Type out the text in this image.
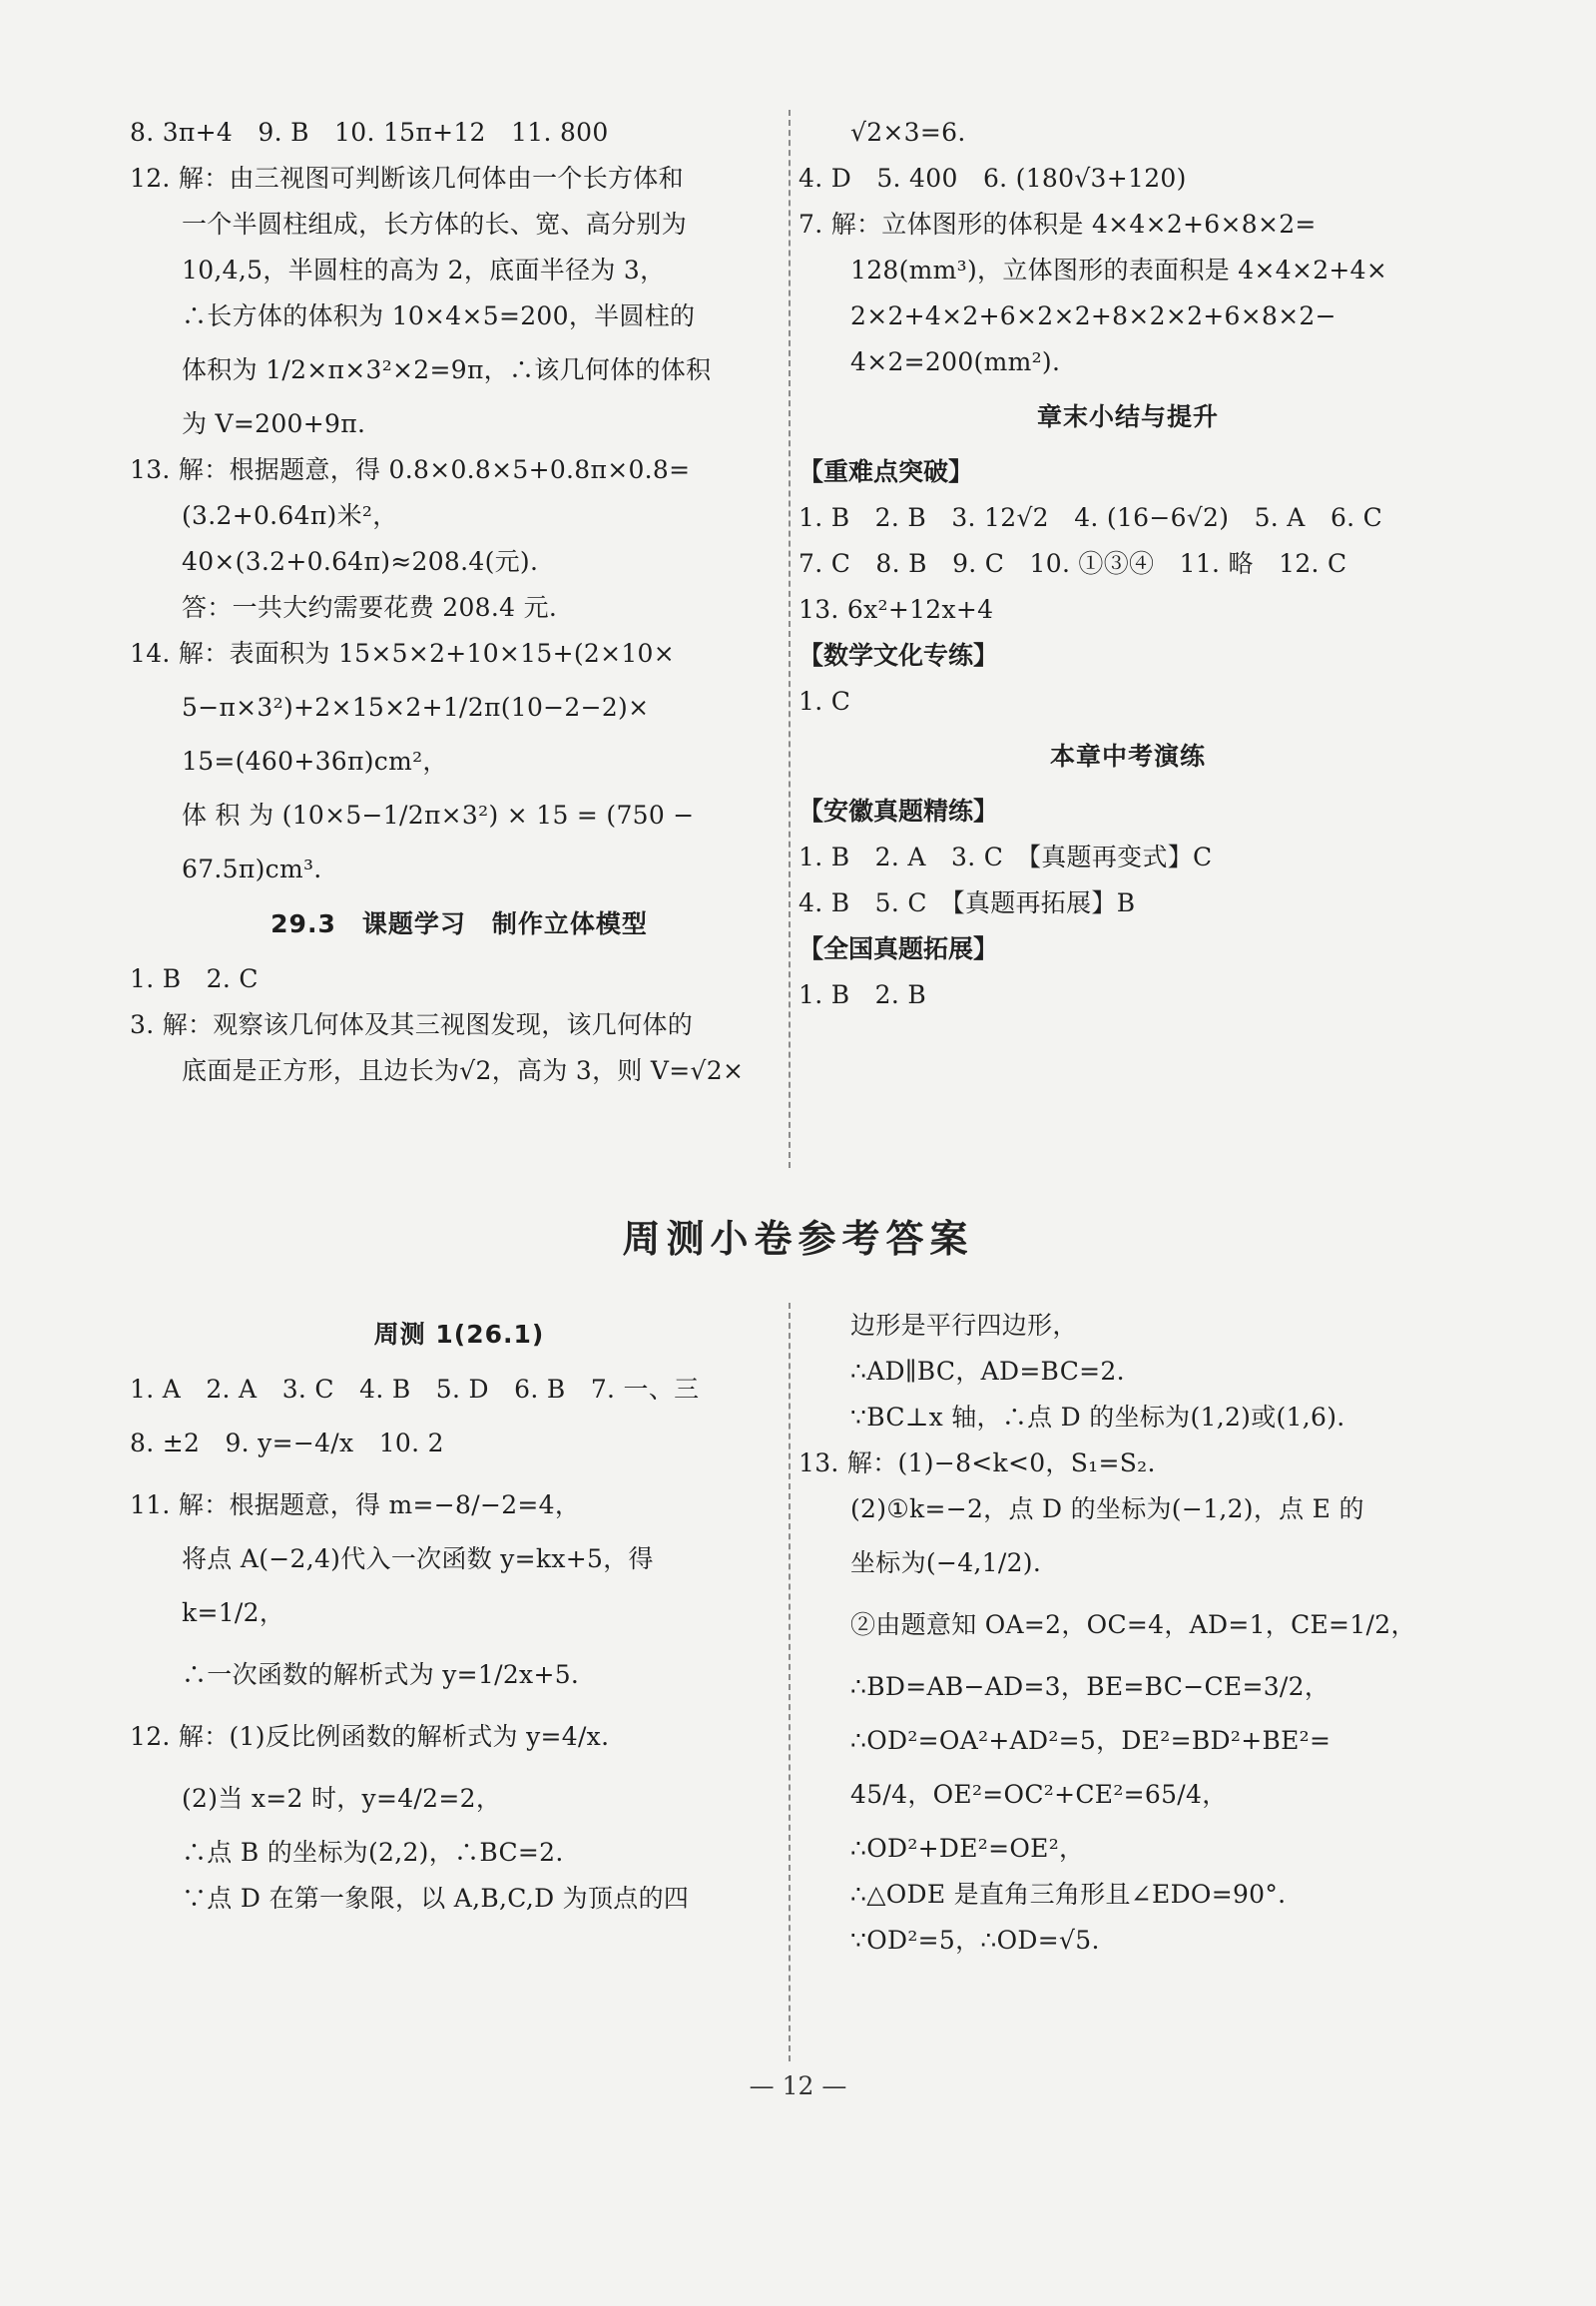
8. 3π+4　9. B　10. 15π+12　11. 800
12. 解：由三视图可判断该几何体由一个长方体和
一个半圆柱组成，长方体的长、宽、高分别为
10,4,5，半圆柱的高为 2，底面半径为 3，
∴长方体的体积为 10×4×5=200，半圆柱的
体积为 1/2×π×3²×2=9π，∴该几何体的体积
为 V=200+9π.
13. 解：根据题意，得 0.8×0.8×5+0.8π×0.8=
(3.2+0.64π)米²，
40×(3.2+0.64π)≈208.4(元).
答：一共大约需要花费 208.4 元.
14. 解：表面积为 15×5×2+10×15+(2×10×
5−π×3²)+2×15×2+1/2π(10−2−2)×
15=(460+36π)cm²，
体 积 为 (10×5−1/2π×3²) × 15 = (750 −
67.5π)cm³.
29.3　课题学习　制作立体模型
1. B　2. C
3. 解：观察该几何体及其三视图发现，该几何体的
底面是正方形，且边长为√2，高为 3，则 V=√2×
√2×3=6.
4. D　5. 400　6. (180√3+120)
7. 解：立体图形的体积是 4×4×2+6×8×2=
128(mm³)，立体图形的表面积是 4×4×2+4×
2×2+4×2+6×2×2+8×2×2+6×8×2−
4×2=200(mm²).
章末小结与提升
【重难点突破】
1. B　2. B　3. 12√2　4. (16−6√2)　5. A　6. C
7. C　8. B　9. C　10. ①③④　11. 略　12. C
13. 6x²+12x+4
【数学文化专练】
1. C
本章中考演练
【安徽真题精练】
1. B　2. A　3. C　【真题再变式】C
4. B　5. C　【真题再拓展】B
【全国真题拓展】
1. B　2. B
周测小卷参考答案
周测 1(26.1)
1. A　2. A　3. C　4. B　5. D　6. B　7. 一、三
8. ±2　9. y=−4/x　10. 2
11. 解：根据题意，得 m=−8/−2=4，
将点 A(−2,4)代入一次函数 y=kx+5，得
k=1/2，
∴一次函数的解析式为 y=1/2x+5.
12. 解：(1)反比例函数的解析式为 y=4/x.
(2)当 x=2 时，y=4/2=2，
∴点 B 的坐标为(2,2)，∴BC=2.
∵点 D 在第一象限，以 A,B,C,D 为顶点的四
边形是平行四边形，
∴AD∥BC，AD=BC=2.
∵BC⊥x 轴，∴点 D 的坐标为(1,2)或(1,6).
13. 解：(1)−8<k<0，S₁=S₂.
(2)①k=−2，点 D 的坐标为(−1,2)，点 E 的
坐标为(−4,1/2).
②由题意知 OA=2，OC=4，AD=1，CE=1/2，
∴BD=AB−AD=3，BE=BC−CE=3/2，
∴OD²=OA²+AD²=5，DE²=BD²+BE²=
45/4，OE²=OC²+CE²=65/4，
∴OD²+DE²=OE²，
∴△ODE 是直角三角形且∠EDO=90°.
∵OD²=5，∴OD=√5.
— 12 —
